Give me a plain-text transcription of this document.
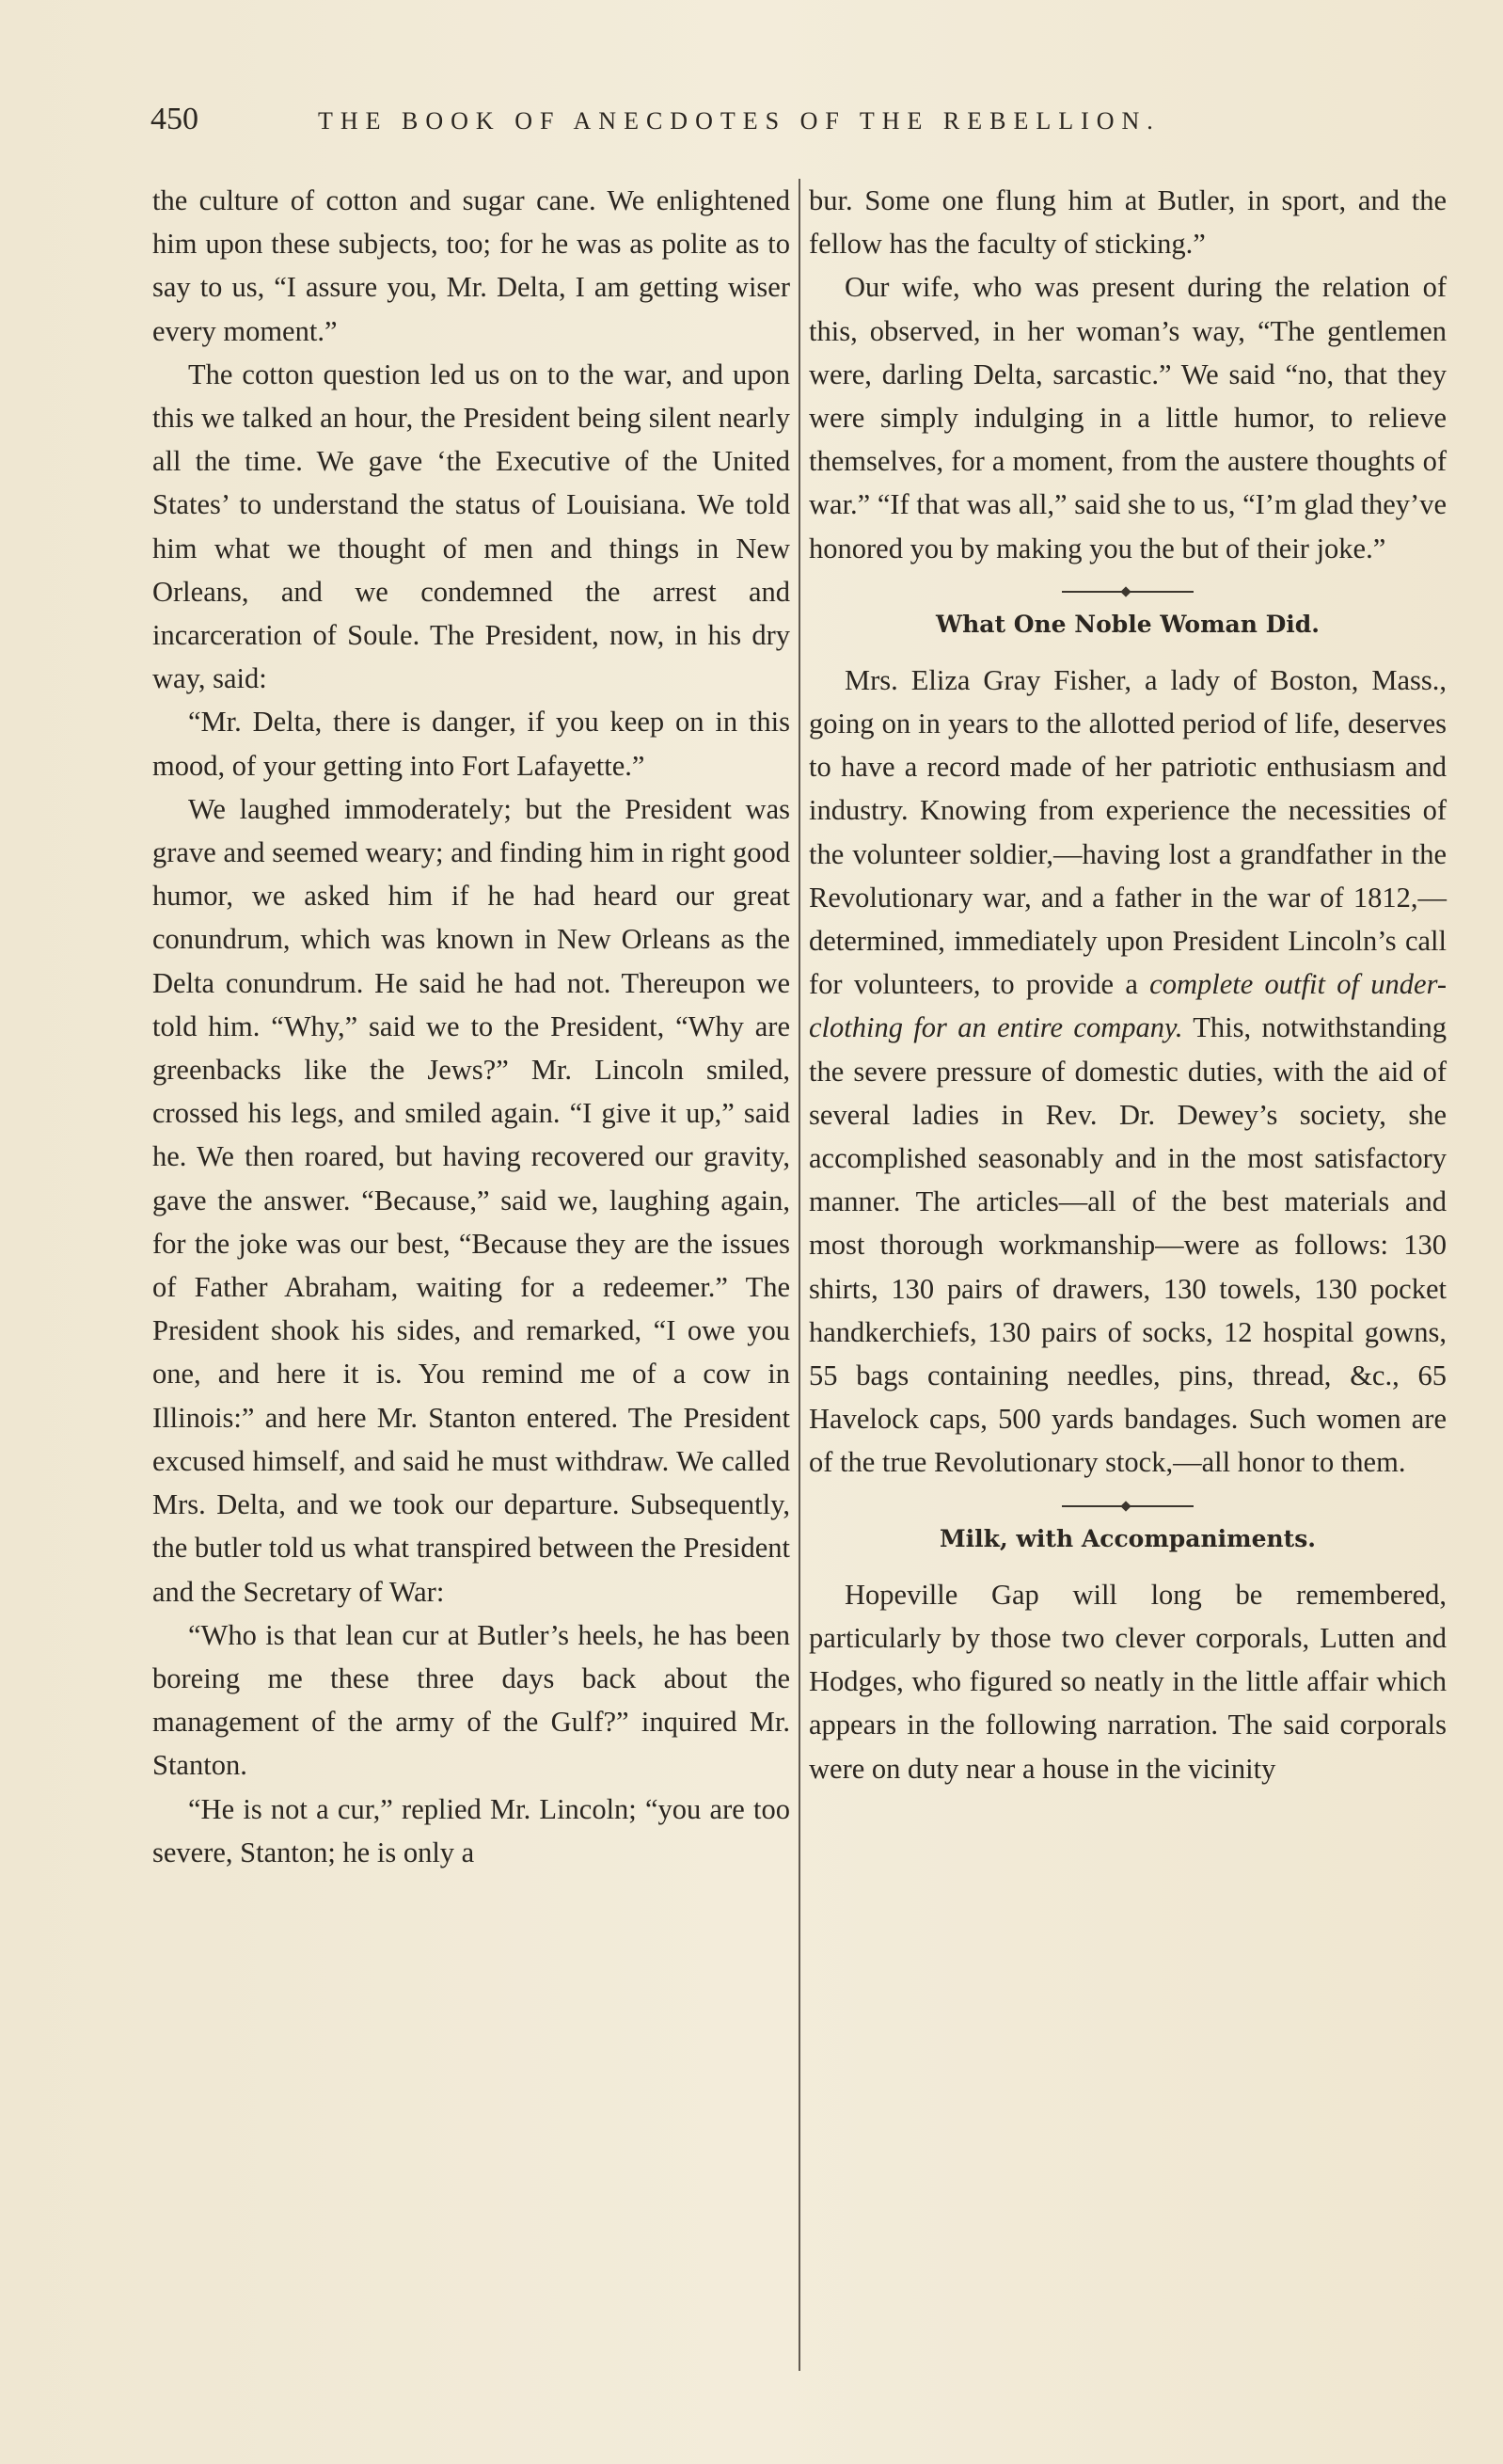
450	THE BOOK OF ANECDOTES OF THE REBELLION.

the culture of cotton and sugar cane. We enlightened him upon these subjects, too; for he was as polite as to say to us, “I assure you, Mr. Delta, I am getting wiser every moment.”

The cotton question led us on to the war, and upon this we talked an hour, the President being silent nearly all the time. We gave ‘the Executive of the United States’ to understand the status of Louisiana. We told him what we thought of men and things in New Orleans, and we condemned the arrest and incarceration of Soule. The President, now, in his dry way, said:

“Mr. Delta, there is danger, if you keep on in this mood, of your getting into Fort Lafayette.”

We laughed immoderately; but the President was grave and seemed weary; and finding him in right good humor, we asked him if he had heard our great conundrum, which was known in New Orleans as the Delta conundrum. He said he had not. Thereupon we told him. “Why,” said we to the President, “Why are greenbacks like the Jews?” Mr. Lincoln smiled, crossed his legs, and smiled again. “I give it up,” said he. We then roared, but having recovered our gravity, gave the answer. “Because,” said we, laughing again, for the joke was our best, “Because they are the issues of Father Abraham, waiting for a redeemer.” The President shook his sides, and remarked, “I owe you one, and here it is. You remind me of a cow in Illinois:” and here Mr. Stanton entered. The President excused himself, and said he must withdraw. We called Mrs. Delta, and we took our departure. Subsequently, the butler told us what transpired between the President and the Secretary of War:

“Who is that lean cur at Butler’s heels, he has been boreing me these three days back about the management of the army of the Gulf?” inquired Mr. Stanton.

“He is not a cur,” replied Mr. Lincoln; “you are too severe, Stanton; he is only a

bur. Some one flung him at Butler, in sport, and the fellow has the faculty of sticking.”

Our wife, who was present during the relation of this, observed, in her woman’s way, “The gentlemen were, darling Delta, sarcastic.” We said “no, that they were simply indulging in a little humor, to relieve themselves, for a moment, from the austere thoughts of war.” “If that was all,” said she to us, “I’m glad they’ve honored you by making you the but of their joke.”

What One Noble Woman Did.

Mrs. Eliza Gray Fisher, a lady of Boston, Mass., going on in years to the allotted period of life, deserves to have a record made of her patriotic enthusiasm and industry. Knowing from experience the necessities of the volunteer soldier,—having lost a grandfather in the Revolutionary war, and a father in the war of 1812,—determined, immediately upon President Lincoln’s call for volunteers, to provide a complete outfit of under-clothing for an entire company. This, notwithstanding the severe pressure of domestic duties, with the aid of several ladies in Rev. Dr. Dewey’s society, she accomplished seasonably and in the most satisfactory manner. The articles—all of the best materials and most thorough workmanship—were as follows: 130 shirts, 130 pairs of drawers, 130 towels, 130 pocket handkerchiefs, 130 pairs of socks, 12 hospital gowns, 55 bags containing needles, pins, thread, &c., 65 Havelock caps, 500 yards bandages. Such women are of the true Revolutionary stock,—all honor to them.

Milk, with Accompaniments.

Hopeville Gap will long be remembered, particularly by those two clever corporals, Lutten and Hodges, who figured so neatly in the little affair which appears in the following narration. The said corporals were on duty near a house in the vicinity
